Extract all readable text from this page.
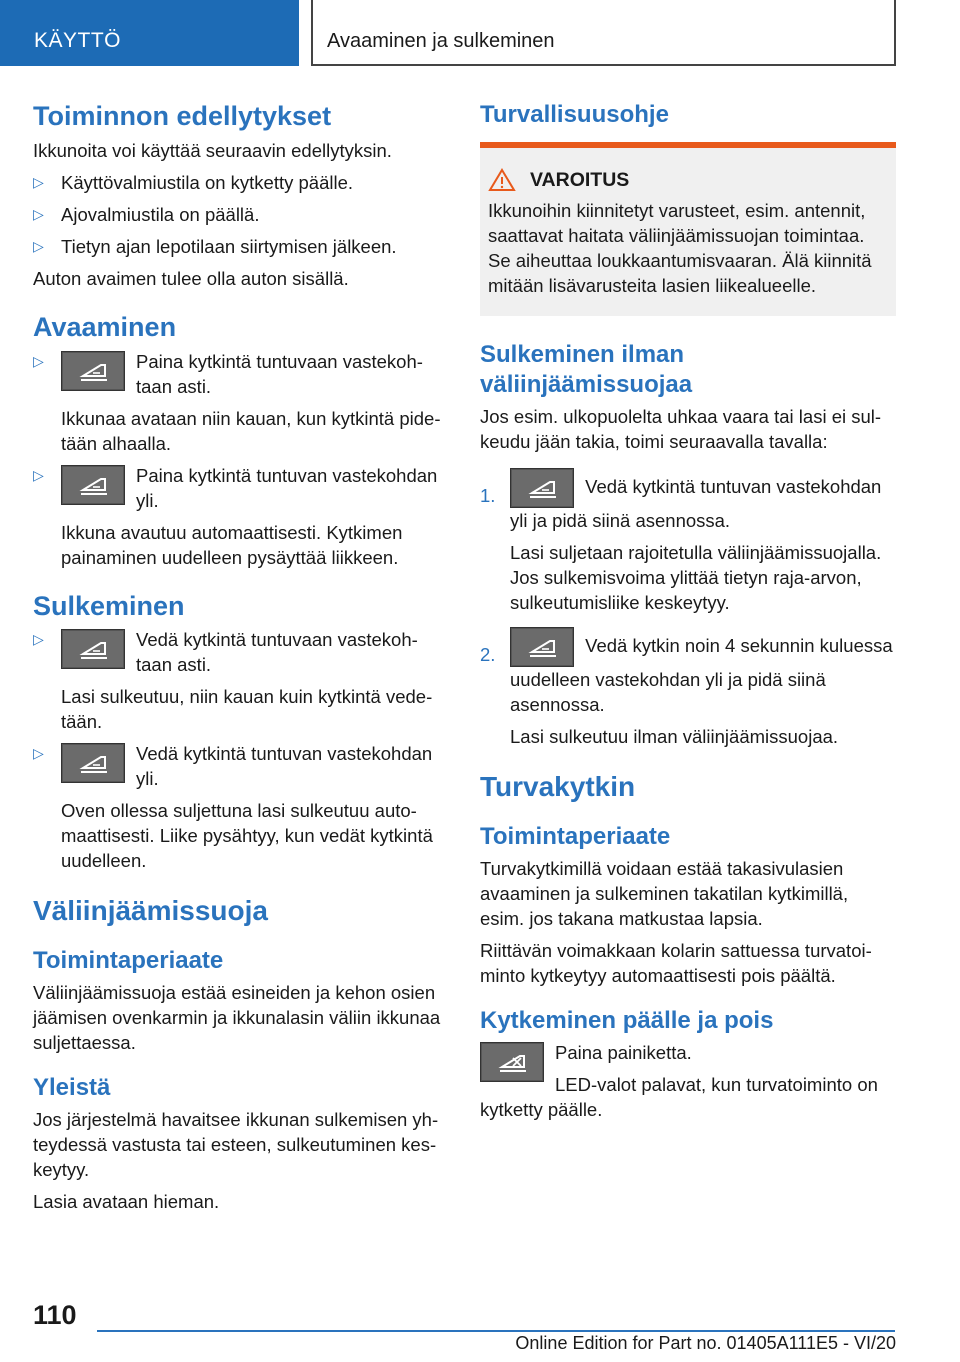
KÄYTTÖ	Avaaminen ja sulkeminen
Toiminnon edellytykset

Ikkunoita voi käyttää seuraavin edellytyksin.

▷ Käyttövalmiustila on kytketty päälle.
▷ Ajovalmiustila on päällä.
▷ Tietyn ajan lepotilaan siirtymisen jälkeen.

Auton avaimen tulee olla auton sisällä.

Avaaminen
▷	Paina kytkintä tuntuvaan vastekohtaan asti.

Ikkunaa avataan niin kauan, kun kytkintä pidetään alhaalla.

▷	Paina kytkintä tuntuvan vastekohdan yli.

Ikkuna avautuu automaattisesti. Kytkimen painaminen uudelleen pysäyttää liikkeen.

Sulkeminen
▷	Vedä kytkintä tuntuvaan vastekohtaan asti.

Lasi sulkeutuu, niin kauan kuin kytkintä vedetään.

▷	Vedä kytkintä tuntuvan vastekohdan yli.

Oven ollessa suljettuna lasi sulkeutuu automaattisesti. Liike pysähtyy, kun vedät kytkintä uudelleen.

Väliinjäämissuoja
Toimintaperiaate

Väliinjäämissuoja estää esineiden ja kehon osien jäämisen ovenkarmin ja ikkunalasin väliin ikkunaa suljettaessa.

Yleistä

Jos järjestelmä havaitsee ikkunan sulkemisen yhteydessä vastusta tai esteen, sulkeutuminen keskeytyy.

Lasia avataan hieman.

Turvallisuusohje
VAROITUS

Ikkunoihin kiinnitetyt varusteet, esim. antennit, saattavat haitata väliinjäämissuojan toimintaa. Se aiheuttaa loukkaantumisvaaran. Älä kiinnitä mitään lisävarusteita lasien liikealueelle.

Sulkeminen ilman väliinjäämissuojaa

Jos esim. ulkopuolelta uhkaa vaara tai lasi ei sulkeudu jään takia, toimi seuraavalla tavalla:

1.	Vedä kytkintä tuntuvan vastekohdan yli ja pidä siinä asennossa.

Lasi suljetaan rajoitetulla väliinjäämissuojalla. Jos sulkemisvoima ylittää tietyn raja-arvon, sulkeutumisliike keskeytyy.

2.	Vedä kytkin noin 4 sekunnin kuluessa uudelleen vastekohdan yli ja pidä siinä asennossa.

Lasi sulkeutuu ilman väliinjäämissuojaa.

Turvakytkin
Toimintaperiaate

Turvakytkimillä voidaan estää takasivulasien avaaminen ja sulkeminen takatilan kytkimillä, esim. jos takana matkustaa lapsia.

Riittävän voimakkaan kolarin sattuessa turvatoiminto kytkeytyy automaattisesti pois päältä.

Kytkeminen päälle ja pois

Paina painiketta.

LED-valot palavat, kun turvatoiminto on kytketty päälle.

110
Online Edition for Part no. 01405A111E5 - VI/20
